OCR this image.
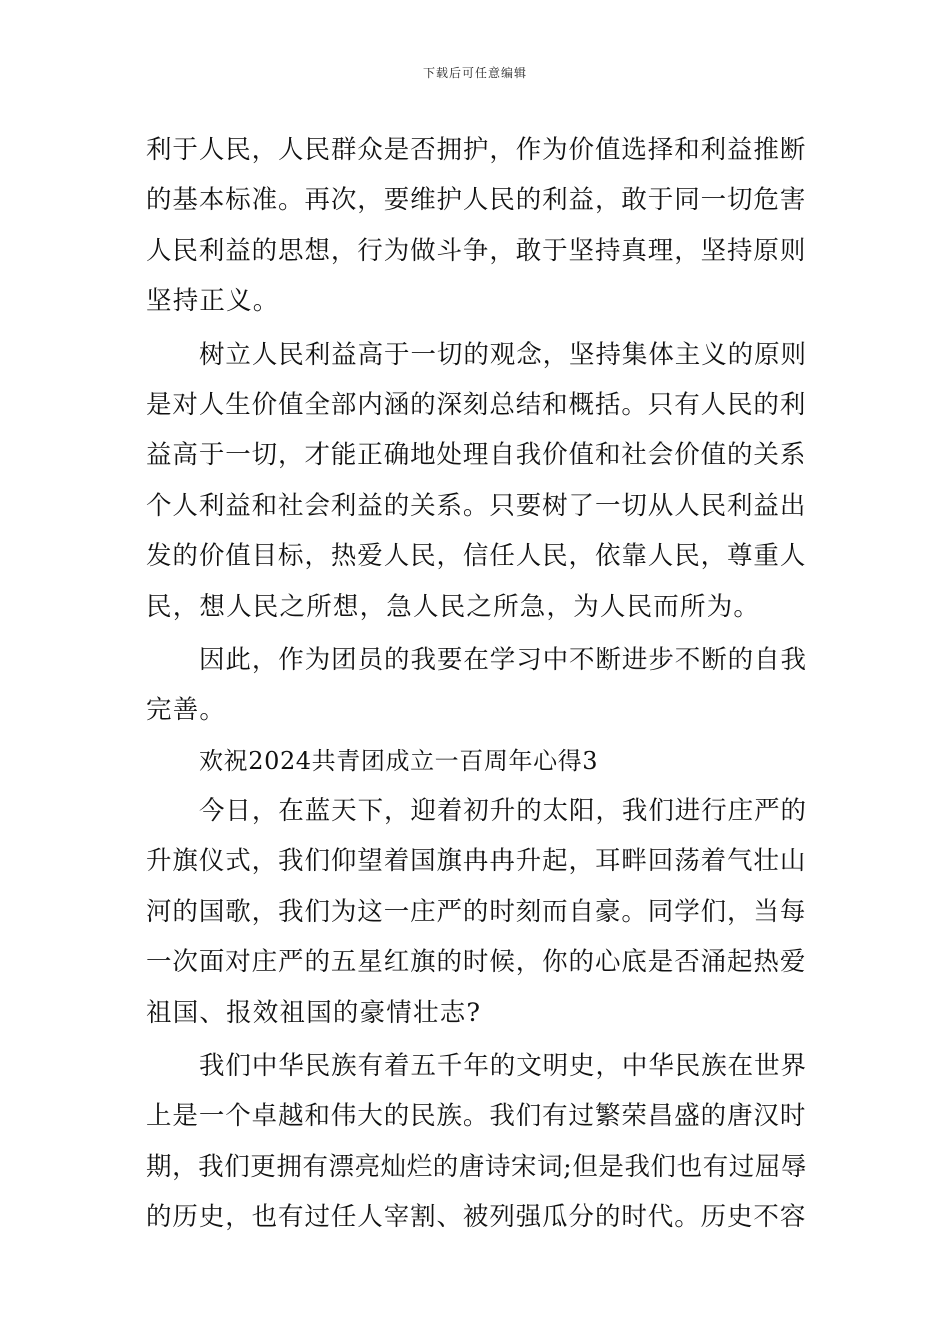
下载后可任意编辑
利于人民，人民群众是否拥护，作为价值选择和利益推断
的基本标准。再次，要维护人民的利益，敢于同一切危害
人民利益的思想，行为做斗争，敢于坚持真理，坚持原则
坚持正义。
树立人民利益高于一切的观念，坚持集体主义的原则
是对人生价值全部内涵的深刻总结和概括。只有人民的利
益高于一切，才能正确地处理自我价值和社会价值的关系
个人利益和社会利益的关系。只要树了一切从人民利益出
发的价值目标，热爱人民，信任人民，依靠人民，尊重人
民，想人民之所想，急人民之所急，为人民而所为。
因此，作为团员的我要在学习中不断进步不断的自我
完善。
欢祝2024共青团成立一百周年心得3
今日，在蓝天下，迎着初升的太阳，我们进行庄严的
升旗仪式，我们仰望着国旗冉冉升起，耳畔回荡着气壮山
河的国歌，我们为这一庄严的时刻而自豪。同学们，当每
一次面对庄严的五星红旗的时候，你的心底是否涌起热爱
祖国、报效祖国的豪情壮志?
我们中华民族有着五千年的文明史，中华民族在世界
上是一个卓越和伟大的民族。我们有过繁荣昌盛的唐汉时
期，我们更拥有漂亮灿烂的唐诗宋词;但是我们也有过屈辱
的历史，也有过任人宰割、被列强瓜分的时代。历史不容
